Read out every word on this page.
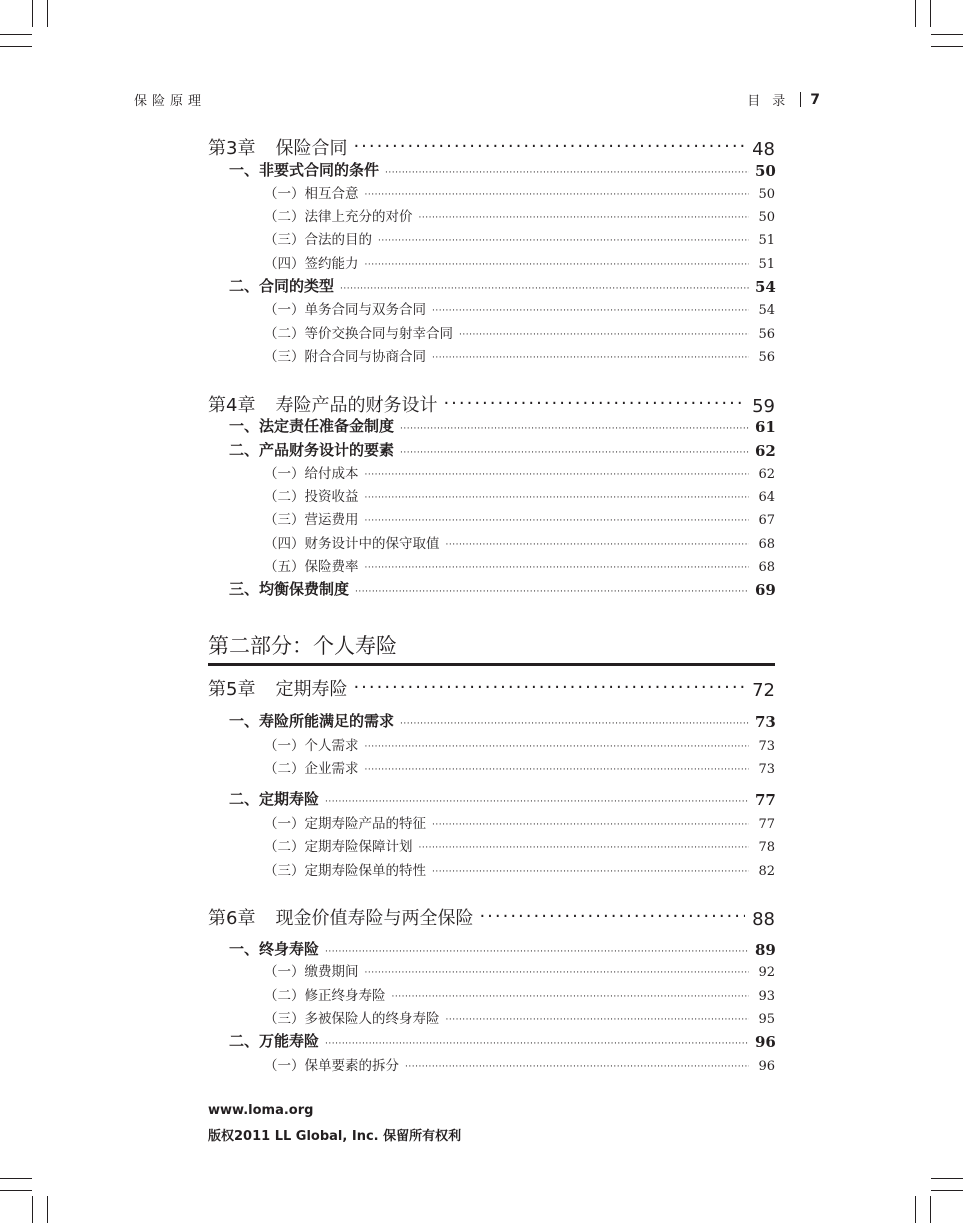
保险原理	目录 7
第3章 保险合同 ·····	48
一、非要式合同的条件 ·····	50
（一）相互合意 ·····	50
（二）法律上充分的对价 ·····	50
（三）合法的目的 ·····	51
（四）签约能力 ·····	51
二、合同的类型 ·····	54
（一）单务合同与双务合同 ·····	54
（二）等价交换合同与射幸合同 ·····	56
（三）附合合同与协商合同 ·····	56
第4章 寿险产品的财务设计 ·····	59
一、法定责任准备金制度 ·····	61
二、产品财务设计的要素 ·····	62
（一）给付成本 ·····	62
（二）投资收益 ·····	64
（三）营运费用 ·····	67
（四）财务设计中的保守取值 ·····	68
（五）保险费率 ·····	68
三、均衡保费制度 ·····	69
第5章 定期寿险 ·····	72
一、寿险所能满足的需求 ·····	73
（一）个人需求 ·····	73
（二）企业需求 ·····	73
二、定期寿险 ·····	77
（一）定期寿险产品的特征 ·····	77
（二）定期寿险保障计划 ·····	78
（三）定期寿险保单的特性 ·····	82
第6章 现金价值寿险与两全保险 ·····	88
一、终身寿险 ·····	89
（一）缴费期间 ·····	92
（二）修正终身寿险 ·····	93
（三）多被保险人的终身寿险 ·····	95
二、万能寿险 ·····	96
（一）保单要素的拆分 ·····	96
第二部分：个人寿险
www.loma.org
版权2011 LL Global, Inc. 保留所有权利
